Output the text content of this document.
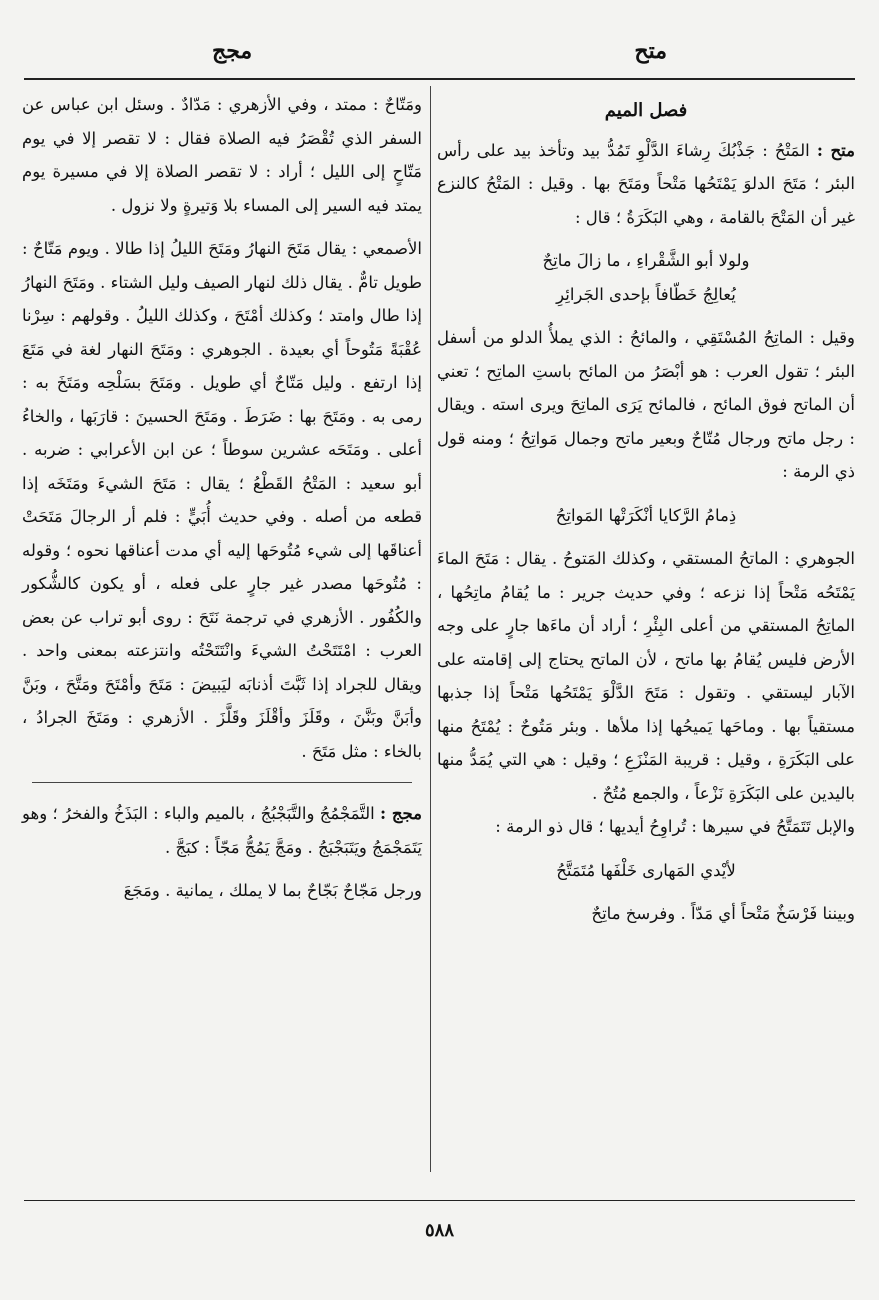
متح
مجج
فصل الميم

متح : المَتْحُ : جَذْبُكَ رِشاءَ الدَّلْوِ تَمُدُّ بيد وتأخذ بيد على رأس البئر ؛ مَتَحَ الدلوَ يَمْتَحُها مَتْحاً ومَتَحَ بها . وقيل : المَتْحُ كالنزع غير أن المَتْحَ بالقامة ، وهي البَكَرَةُ ؛ قال :

ولولا أبو الشَّقْراءِ ، ما زالَ ماتِحٌ
يُعالِجُ خَطّافاً بإحدى الجَرائِرِ

وقيل : الماتِحُ المُسْتَقِي ، والمائحُ : الذي يملأُ الدلو من أسفل البئر ؛ تقول العرب : هو أبْصَرُ من المائح باستِ الماتِح ؛ تعني أن الماتح فوق المائح ، فالمائح يَرَى الماتِحَ ويرى استه . ويقال : رجل ماتح ورجال مُتّاحٌ وبعير ماتح وجمال مَواتِحُ ؛ ومنه قول ذي الرمة :

ذِمامُ الرَّكايا أنْكَرَتْها المَواتِحُ

الجوهري : الماتحُ المستقي ، وكذلك المَتوحُ . يقال : مَتَحَ الماءَ يَمْتَحُه مَتْحاً إذا نزعه ؛ وفي حديث جرير : ما يُقامُ ماتِحُها ، الماتِحُ المستقي من أعلى البِئْرِ ؛ أراد أن ماءَها جارٍ على وجه الأرض فليس يُقامُ بها ماتح ، لأن الماتح يحتاج إلى إقامته على الآبار ليستقي . وتقول : مَتَحَ الدَّلْوَ يَمْتَحُها مَتْحاً إذا جذبها مستقياً بها . وماحَها يَميحُها إذا ملأها . وبئر مَتُوحٌ : يُمْتَحُ منها على البَكَرَةِ ، وقيل : قريبة المَنْزَعِ ؛ وقيل : هي التي يُمَدُّ منها باليدين على البَكَرَةِ نَزْعاً ، والجمع مُتُحٌ .

والإبل تَتَمَتَّحُ في سيرها : تُراوِحُ أيديها ؛ قال ذو الرمة :

لأيْدي المَهارى خَلْفَها مُتَمَتَّحُ

وبيننا فَرْسَخٌ مَتْحاً أي مَدّاً . وفرسخ ماتِحٌ

ومَتّاحٌ : ممتد ، وفي الأزهري : مَدّادٌ . وسئل ابن عباس عن السفر الذي تُقْصَرُ فيه الصلاة فقال : لا تقصر إلا في يوم مَتّاحٍ إلى الليل ؛ أراد : لا تقصر الصلاة إلا في مسيرة يوم يمتد فيه السير إلى المساء بلا وَتيرةٍ ولا نزول .

الأصمعي : يقال مَتَحَ النهارُ ومَتَحَ الليلُ إذا طالا . ويوم مَتّاحٌ : طويل تامٌّ . يقال ذلك لنهار الصيف وليل الشتاء . ومَتَحَ النهارُ إذا طال وامتد ؛ وكذلك أمْتَحَ ، وكذلك الليلُ . وقولهم : سِرْنا عُقْبَةً مَتُوحاً أي بعيدة . الجوهري : ومَتَحَ النهار لغة في مَتَعَ إذا ارتفع . وليل مَتّاحٌ أي طويل . ومَتَحَ بسَلْحِه ومَتَخَ به : رمى به . ومَتَحَ بها : ضَرَطَ . ومَتَحَ الحسينَ : قارَبَها ، والخاءُ أعلى . ومَتَحَه عشرين سوطاً ؛ عن ابن الأعرابي : ضربه . أبو سعيد : المَتْحُ القَطْعُ ؛ يقال : مَتَحَ الشيءَ ومَتَخَه إذا قطعه من أصله . وفي حديث أُبَيٍّ : فلم أر الرجالَ مَتَحَتْ أعناقَها إلى شيء مُتُوحَها إليه أي مدت أعناقها نحوه ؛ وقوله : مُتُوحَها مصدر غير جارٍ على فعله ، أو يكون كالشُّكور والكُفُور . الأزهري في ترجمة نَتَحَ : روى أبو تراب عن بعض العرب : امْتَتَحْتُ الشيءَ وانْتَتَحْتُه وانتزعته بمعنى واحد . ويقال للجراد إذا ثَبَّتَ أذنابَه ليَبيضَ : مَتَحَ وأمْتَحَ ومَتَّحَ ، وبَنَّ وأبَنَّ وبَنَّنَ ، وقَلَزَ وأقْلَزَ وقَلَّزَ . الأزهري : ومَتَخَ الجرادُ ، بالخاء : مثل مَتَحَ .

مجج : التَّمَجْمُجُ والتَّبَجْبُجُ ، بالميم والباء : البَذَخُ والفخرُ ؛ وهو يَتَمَجْمَجُ ويَتَبَجْبَجُ . ومَجَّ يَمُجُّ مَجّاً : كبَجَّ .

ورجل مَجّاحٌ بَجّاحٌ بما لا يملك ، يمانية . ومَجَعَ

٥٨٨
